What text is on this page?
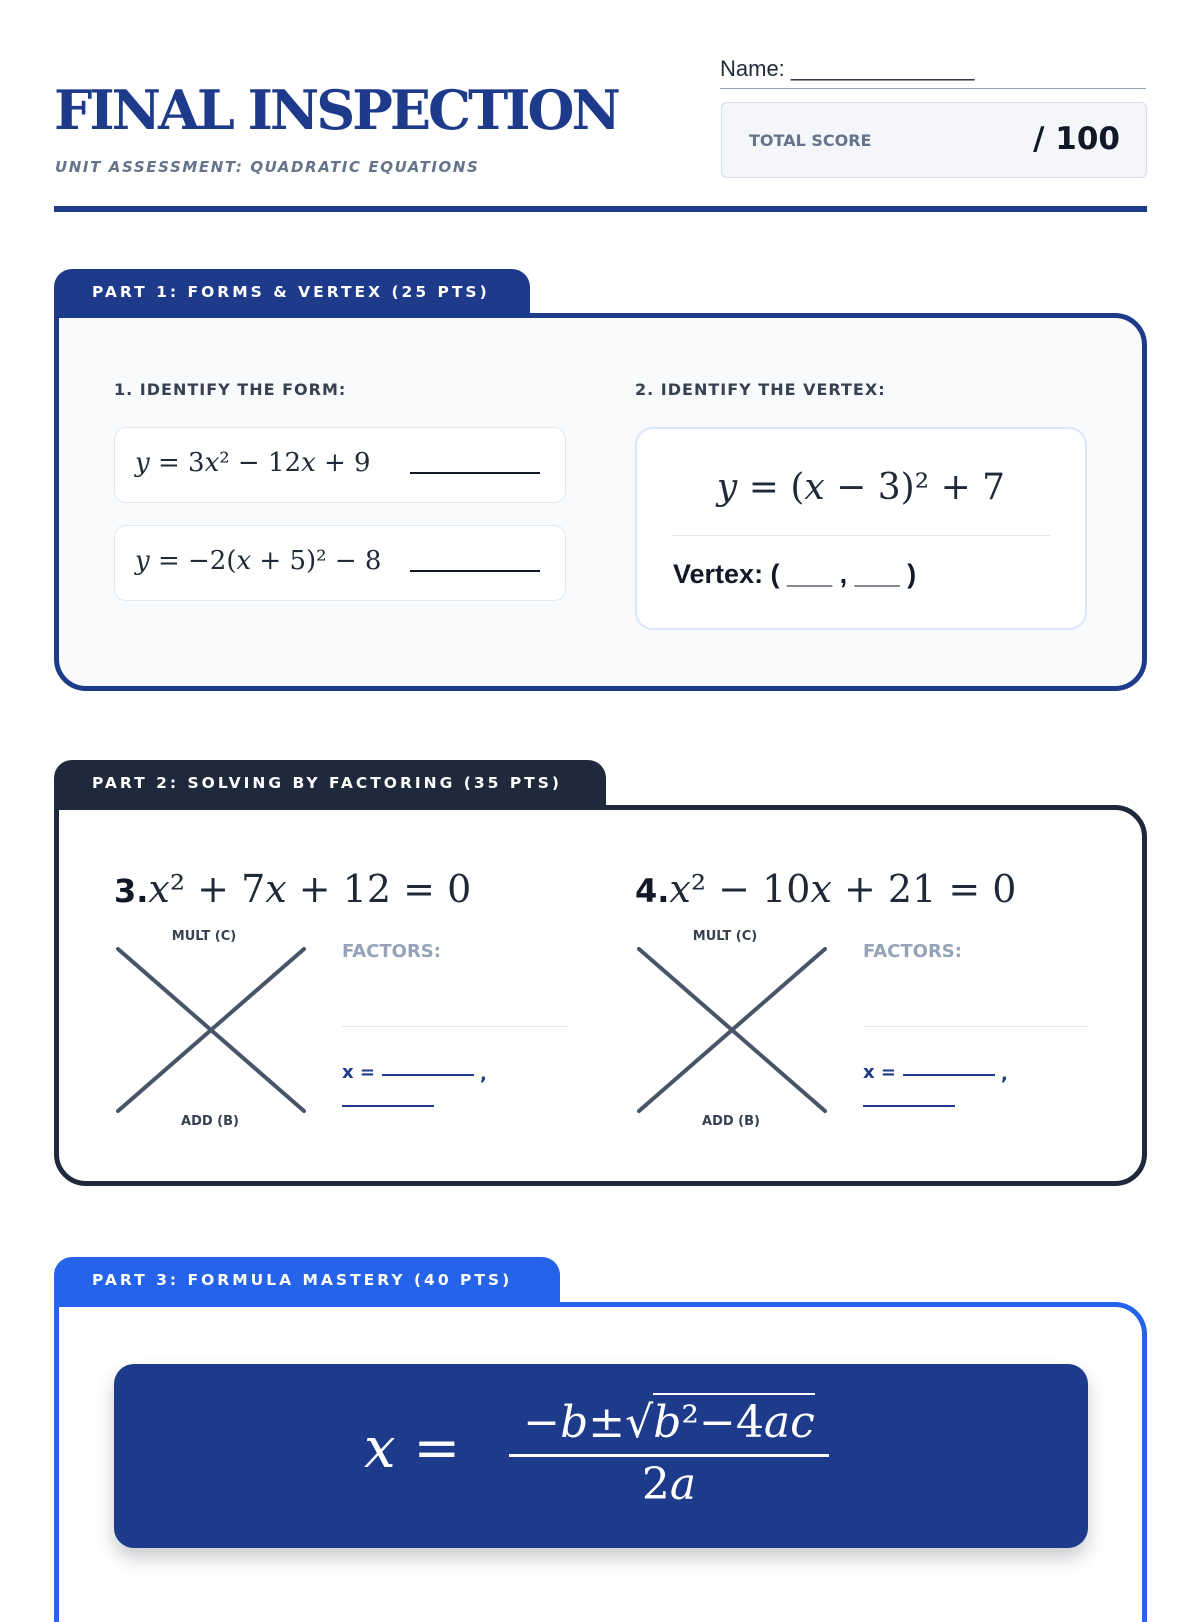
FINAL INSPECTION
UNIT ASSESSMENT: QUADRATIC EQUATIONS
Name: _______________
TOTAL SCORE	/ 100
PART 1: FORMS & VERTEX (25 PTS)
1. IDENTIFY THE FORM:
y = 3x² − 12x + 9
y = −2(x + 5)² − 8
2. IDENTIFY THE VERTEX:
y = (x − 3)² + 7
Vertex: ( ___ , ___ )
PART 2: SOLVING BY FACTORING (35 PTS)
3.x² + 7x + 12 = 0
MULT (C)
ADD (B)
FACTORS:
x =	,
4.x² − 10x + 21 = 0
MULT (C)
ADD (B)
FACTORS:
x =	,
PART 3: FORMULA MASTERY (40 PTS)
x =	−b±√b²−4ac
2a
